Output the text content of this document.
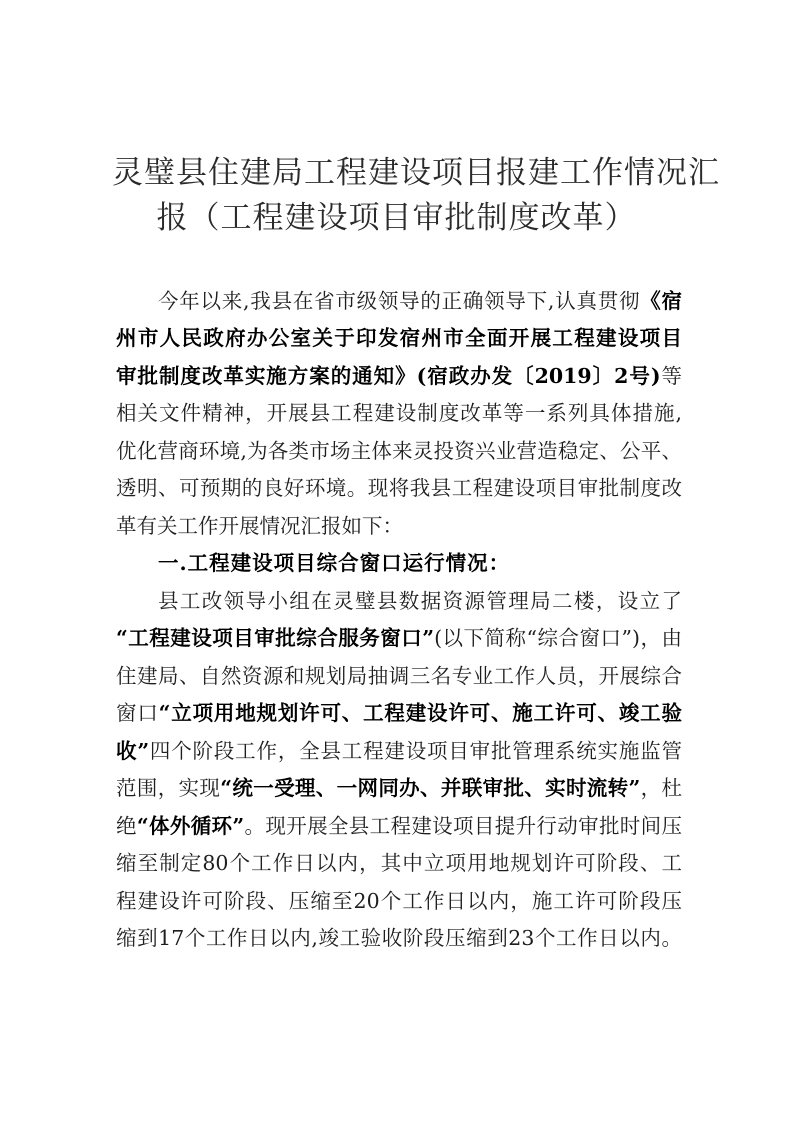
灵璧县住建局工程建设项目报建工作情况汇
报（工程建设项目审批制度改革）
今年以来,我县在省市级领导的正确领导下,认真贯彻《宿
州市人民政府办公室关于印发宿州市全面开展工程建设项目
审批制度改革实施方案的通知》(宿政办发〔2019〕2号)等
相关文件精神，开展县工程建设制度改革等一系列具体措施,
优化营商环境,为各类市场主体来灵投资兴业营造稳定、公平、
透明、可预期的良好环境。现将我县工程建设项目审批制度改
革有关工作开展情况汇报如下：
一.工程建设项目综合窗口运行情况：
县工改领导小组在灵璧县数据资源管理局二楼，设立了
“工程建设项目审批综合服务窗口”(以下简称“综合窗口”)，由
住建局、自然资源和规划局抽调三名专业工作人员，开展综合
窗口“立项用地规划许可、工程建设许可、施工许可、竣工验
收”四个阶段工作，全县工程建设项目审批管理系统实施监管
范围，实现“统一受理、一网同办、并联审批、实时流转”，杜
绝“体外循环”。现开展全县工程建设项目提升行动审批时间压
缩至制定80个工作日以内，其中立项用地规划许可阶段、工
程建设许可阶段、压缩至20个工作日以内，施工许可阶段压
缩到17个工作日以内,竣工验收阶段压缩到23个工作日以内。
